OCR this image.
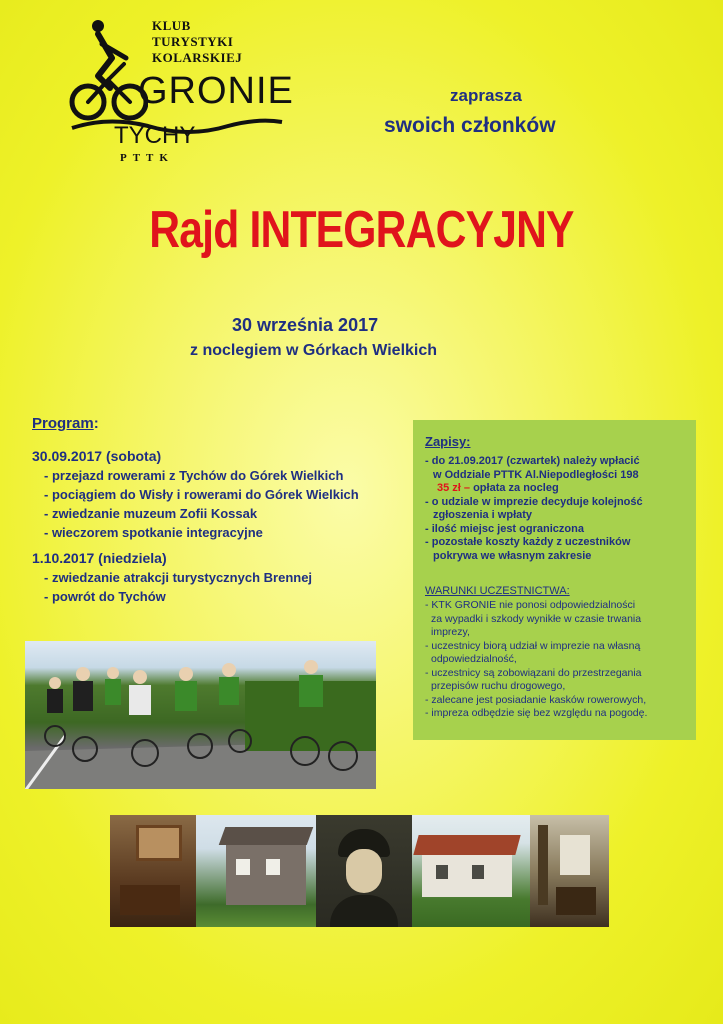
KLUB
TURYSTYKI
KOLARSKIEJ
GRONIE
TYCHY
PTTK
zaprasza
swoich członków
Rajd INTEGRACYJNY
30 września 2017
z noclegiem w Górkach Wielkich
Program:
30.09.2017 (sobota)
- przejazd rowerami z Tychów do Górek Wielkich
- pociągiem do Wisły i rowerami do Górek Wielkich
- zwiedzanie muzeum Zofii Kossak
- wieczorem spotkanie integracyjne
1.10.2017 (niedziela)
- zwiedzanie atrakcji turystycznych Brennej
- powrót do Tychów
Zapisy:
- do 21.09.2017 (czwartek) należy wpłacić
w Oddziale PTTK Al.Niepodległości 198
35 zł – opłata za nocleg
- o udziale w imprezie decyduje kolejność
zgłoszenia i wpłaty
- ilość miejsc jest ograniczona
- pozostałe koszty każdy z uczestników
pokrywa we własnym zakresie
WARUNKI UCZESTNICTWA:
- KTK GRONIE nie ponosi odpowiedzialności
za wypadki i szkody wynikłe w czasie trwania
imprezy,
- uczestnicy biorą udział w imprezie na własną
odpowiedzialność,
- uczestnicy są zobowiązani do przestrzegania
przepisów ruchu drogowego,
- zalecane jest posiadanie kasków rowerowych,
- impreza odbędzie się bez względu na pogodę.
